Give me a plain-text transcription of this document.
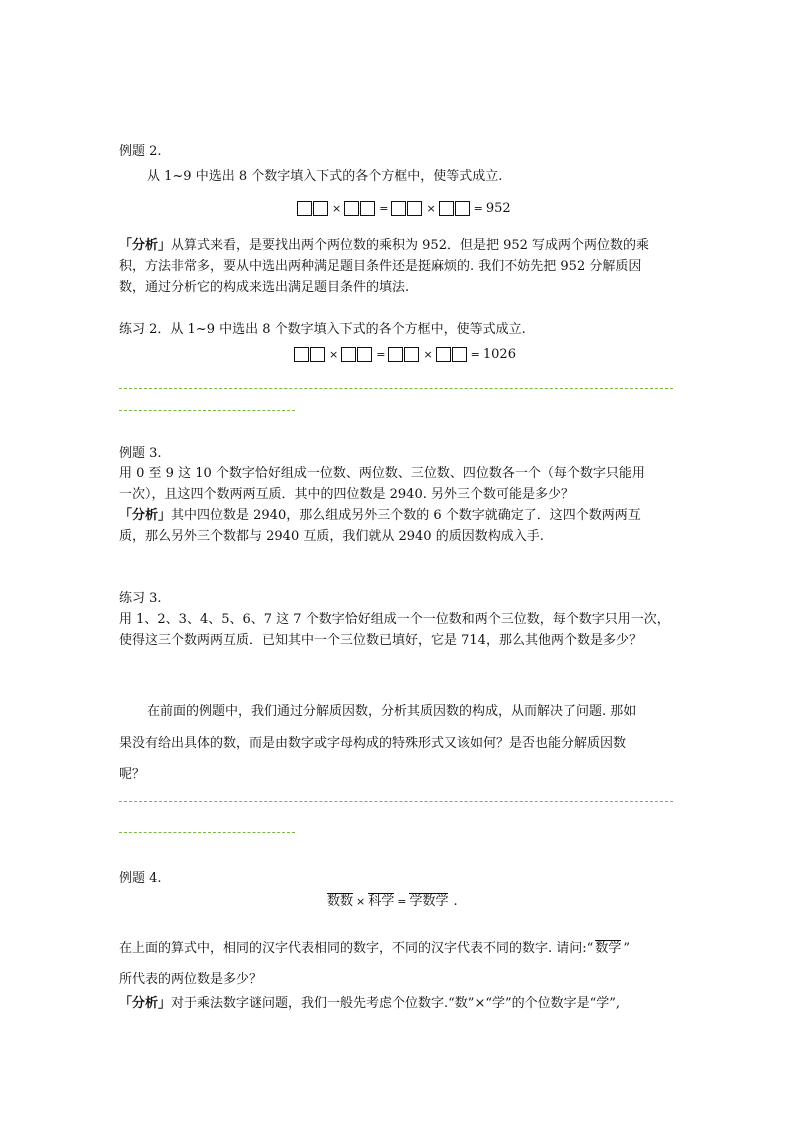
例题 2.
从 1~9 中选出 8 个数字填入下式的各个方框中，使等式成立.
×	=	×	= 952
「分析」从算式来看，是要找出两个两位数的乘积为 952．但是把 952 写成两个两位数的乘
积，方法非常多，要从中选出两种满足题目条件还是挺麻烦的. 我们不妨先把 952 分解质因
数，通过分析它的构成来选出满足题目条件的填法.
练习 2．从 1~9 中选出 8 个数字填入下式的各个方框中，使等式成立.
×	=	×	= 1026
例题 3.
用 0 至 9 这 10 个数字恰好组成一位数、两位数、三位数、四位数各一个（每个数字只能用
一次），且这四个数两两互质．其中的四位数是 2940. 另外三个数可能是多少？
「分析」其中四位数是 2940，那么组成另外三个数的 6 个数字就确定了．这四个数两两互
质，那么另外三个数都与 2940 互质，我们就从 2940 的质因数构成入手.
练习 3.
用 1、2、3、4、5、6、7 这 7 个数字恰好组成一个一位数和两个三位数，每个数字只用一次，
使得这三个数两两互质．已知其中一个三位数已填好，它是 714，那么其他两个数是多少？
在前面的例题中，我们通过分解质因数，分析其质因数的构成，从而解决了问题. 那如
果没有给出具体的数，而是由数字或字母构成的特殊形式又该如何？是否也能分解质因数
呢？
例题 4.
数数 × 科学 = 学数学 .
在上面的算式中，相同的汉字代表相同的数字，不同的汉字代表不同的数字. 请问:“ 数学 ”
所代表的两位数是多少？
「分析」对于乘法数字谜问题，我们一般先考虑个位数字.“数”×“学”的个位数字是“学”,
